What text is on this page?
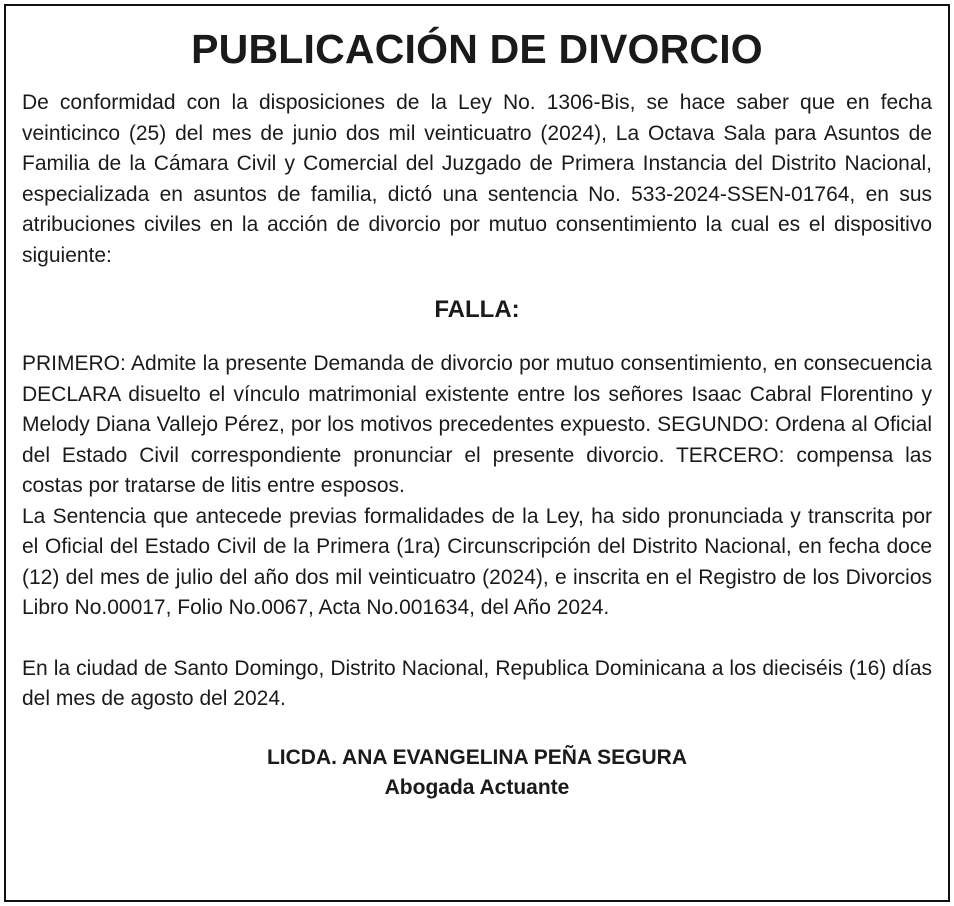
PUBLICACIÓN DE DIVORCIO

De conformidad con la disposiciones de la Ley No. 1306-Bis, se hace saber que en fecha veinticinco (25) del mes de junio dos mil veinticuatro (2024), La Octava Sala para Asuntos de Familia de la Cámara Civil y Comercial del Juzgado de Primera Instancia del Distrito Nacional, especializada en asuntos de familia, dictó una sentencia No. 533-2024-SSEN-01764, en sus atribuciones civiles en la acción de divorcio por mutuo consentimiento la cual es el dispositivo siguiente:

FALLA:

PRIMERO: Admite la presente Demanda de divorcio por mutuo consentimiento, en consecuencia DECLARA disuelto el vínculo matrimonial existente entre los señores Isaac Cabral Florentino y Melody Diana Vallejo Pérez, por los motivos precedentes expuesto. SEGUNDO: Ordena al Oficial del Estado Civil correspondiente pronunciar el presente divorcio. TERCERO: compensa las costas por tratarse de litis entre esposos.

La Sentencia que antecede previas formalidades de la Ley, ha sido pronunciada y transcrita por el Oficial del Estado Civil de la Primera (1ra) Circunscripción del Distrito Nacional, en fecha doce (12) del mes de julio del año dos mil veinticuatro (2024), e inscrita en el Registro de los Divorcios Libro No.00017, Folio No.0067, Acta No.001634, del Año 2024.

En la ciudad de Santo Domingo, Distrito Nacional, Republica Dominicana a los dieciséis (16) días del mes de agosto del 2024.

LICDA. ANA EVANGELINA PEÑA SEGURA
Abogada Actuante
